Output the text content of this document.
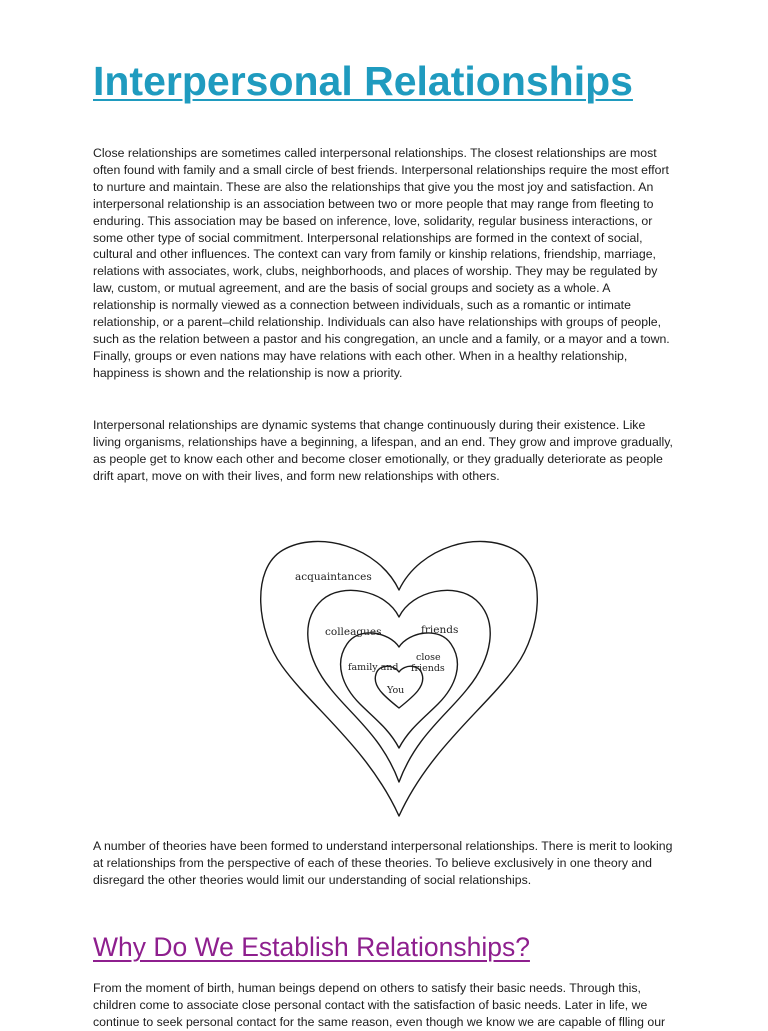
Interpersonal Relationships

Close relationships are sometimes called interpersonal relationships. The closest relationships are most
often found with family and a small circle of best friends. Interpersonal relationships require the most effort
to nurture and maintain. These are also the relationships that give you the most joy and satisfaction. An
interpersonal relationship is an association between two or more people that may range from fleeting to
enduring. This association may be based on inference, love, solidarity, regular business interactions, or
some other type of social commitment. Interpersonal relationships are formed in the context of social,
cultural and other influences. The context can vary from family or kinship relations, friendship, marriage,
relations with associates, work, clubs, neighborhoods, and places of worship. They may be regulated by
law, custom, or mutual agreement, and are the basis of social groups and society as a whole. A
relationship is normally viewed as a connection between individuals, such as a romantic or intimate
relationship, or a parent–child relationship. Individuals can also have relationships with groups of people,
such as the relation between a pastor and his congregation, an uncle and a family, or a mayor and a town.
Finally, groups or even nations may have relations with each other. When in a healthy relationship,
happiness is shown and the relationship is now a priority.

Interpersonal relationships are dynamic systems that change continuously during their existence. Like
living organisms, relationships have a beginning, a lifespan, and an end. They grow and improve gradually,
as people get to know each other and become closer emotionally, or they gradually deteriorate as people
drift apart, move on with their lives, and form new relationships with others.

acquaintances
colleagues	friends
family and
close
friends
You

A number of theories have been formed to understand interpersonal relationships. There is merit to looking
at relationships from the perspective of each of these theories. To believe exclusively in one theory and
disregard the other theories would limit our understanding of social relationships.

Why Do We Establish Relationships?

From the moment of birth, human beings depend on others to satisfy their basic needs. Through this,
children come to associate close personal contact with the satisfaction of basic needs. Later in life, we
continue to seek personal contact for the same reason, even though we know we are capable of flling our
